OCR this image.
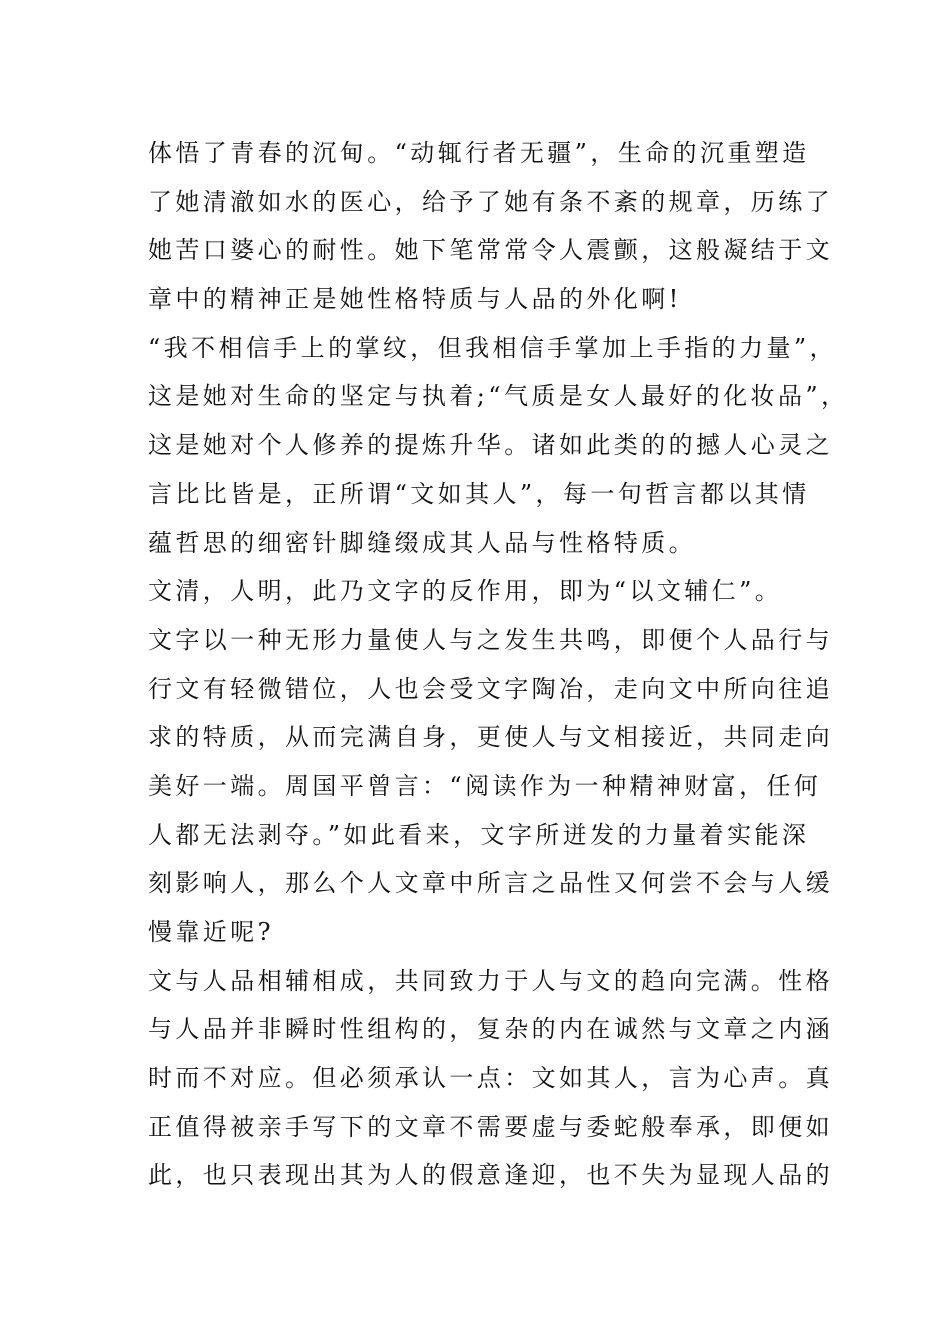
体悟了青春的沉甸。“动辄行者无疆”，生命的沉重塑造
了她清澈如水的医心，给予了她有条不紊的规章，历练了
她苦口婆心的耐性。她下笔常常令人震颤，这般凝结于文
章中的精神正是她性格特质与人品的外化啊!
“我不相信手上的掌纹，但我相信手掌加上手指的力量”，
这是她对生命的坚定与执着;“气质是女人最好的化妆品”，
这是她对个人修养的提炼升华。诸如此类的的撼人心灵之
言比比皆是，正所谓“文如其人”，每一句哲言都以其情
蕴哲思的细密针脚缝缀成其人品与性格特质。
文清，人明，此乃文字的反作用，即为“以文辅仁”。
文字以一种无形力量使人与之发生共鸣，即便个人品行与
行文有轻微错位，人也会受文字陶冶，走向文中所向往追
求的特质，从而完满自身，更使人与文相接近，共同走向
美好一端。周国平曾言：“阅读作为一种精神财富，任何
人都无法剥夺。”如此看来，文字所迸发的力量着实能深
刻影响人，那么个人文章中所言之品性又何尝不会与人缓
慢靠近呢?
文与人品相辅相成，共同致力于人与文的趋向完满。性格
与人品并非瞬时性组构的，复杂的内在诚然与文章之内涵
时而不对应。但必须承认一点：文如其人，言为心声。真
正值得被亲手写下的文章不需要虚与委蛇般奉承，即便如
此，也只表现出其为人的假意逢迎，也不失为显现人品的
